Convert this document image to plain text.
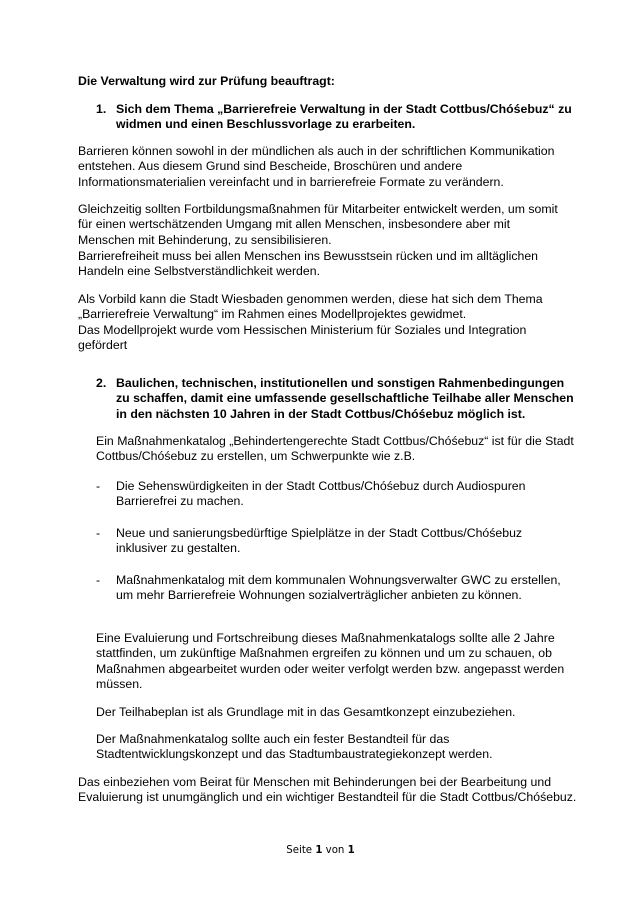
Die Verwaltung wird zur Prüfung beauftragt:

1. Sich dem Thema „Barrierefreie Verwaltung in der Stadt Cottbus/Chóśebuz“ zu widmen und einen Beschlussvorlage zu erarbeiten.

Barrieren können sowohl in der mündlichen als auch in der schriftlichen Kommunikation entstehen. Aus diesem Grund sind Bescheide, Broschüren und andere Informationsmaterialien vereinfacht und in barrierefreie Formate zu verändern.

Gleichzeitig sollten Fortbildungsmaßnahmen für Mitarbeiter entwickelt werden, um somit für einen wertschätzenden Umgang mit allen Menschen, insbesondere aber mit Menschen mit Behinderung, zu sensibilisieren.

Barrierefreiheit muss bei allen Menschen ins Bewusstsein rücken und im alltäglichen Handeln eine Selbstverständlichkeit werden.

Als Vorbild kann die Stadt Wiesbaden genommen werden, diese hat sich dem Thema „Barrierefreie Verwaltung“ im Rahmen eines Modellprojektes gewidmet.

Das Modellprojekt wurde vom Hessischen Ministerium für Soziales und Integration gefördert

2. Baulichen, technischen, institutionellen und sonstigen Rahmenbedingungen zu schaffen, damit eine umfassende gesellschaftliche Teilhabe aller Menschen in den nächsten 10 Jahren in der Stadt Cottbus/Chóśebuz möglich ist.

Ein Maßnahmenkatalog „Behindertengerechte Stadt Cottbus/Chóśebuz“ ist für die Stadt Cottbus/Chóśebuz zu erstellen, um Schwerpunkte wie z.B.

- Die Sehenswürdigkeiten in der Stadt Cottbus/Chóśebuz durch Audiospuren Barrierefrei zu machen.

- Neue und sanierungsbedürftige Spielplätze in der Stadt Cottbus/Chóśebuz inklusiver zu gestalten.

- Maßnahmenkatalog mit dem kommunalen Wohnungsverwalter GWC zu erstellen, um mehr Barrierefreie Wohnungen sozialverträglicher anbieten zu können.

Eine Evaluierung und Fortschreibung dieses Maßnahmenkatalogs sollte alle 2 Jahre stattfinden, um zukünftige Maßnahmen ergreifen zu können und um zu schauen, ob Maßnahmen abgearbeitet wurden oder weiter verfolgt werden bzw. angepasst werden müssen.

Der Teilhabeplan ist als Grundlage mit in das Gesamtkonzept einzubeziehen.

Der Maßnahmenkatalog sollte auch ein fester Bestandteil für das Stadtentwicklungskonzept und das Stadtumbaustrategiekonzept werden.

Das einbeziehen vom Beirat für Menschen mit Behinderungen bei der Bearbeitung und Evaluierung ist unumgänglich und ein wichtiger Bestandteil für die Stadt Cottbus/Chóśebuz.

Seite 1 von 1
